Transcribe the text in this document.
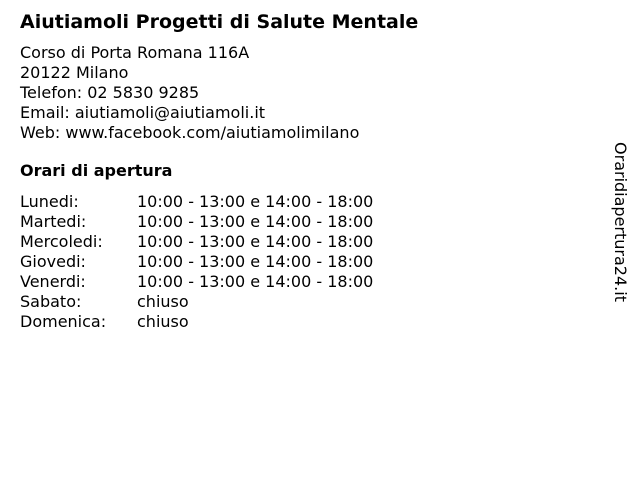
Aiutiamoli Progetti di Salute Mentale
Corso di Porta Romana 116A
20122 Milano
Telefon: 02 5830 9285
Email: aiutiamoli@aiutiamoli.it
Web: www.facebook.com/aiutiamolimilano
Orari di apertura
Lunedi:	10:00 - 13:00 e 14:00 - 18:00
Martedi:	10:00 - 13:00 e 14:00 - 18:00
Mercoledi:	10:00 - 13:00 e 14:00 - 18:00
Giovedi:	10:00 - 13:00 e 14:00 - 18:00
Venerdi:	10:00 - 13:00 e 14:00 - 18:00
Sabato:	chiuso
Domenica:	chiuso
Oraridiapertura24.it
